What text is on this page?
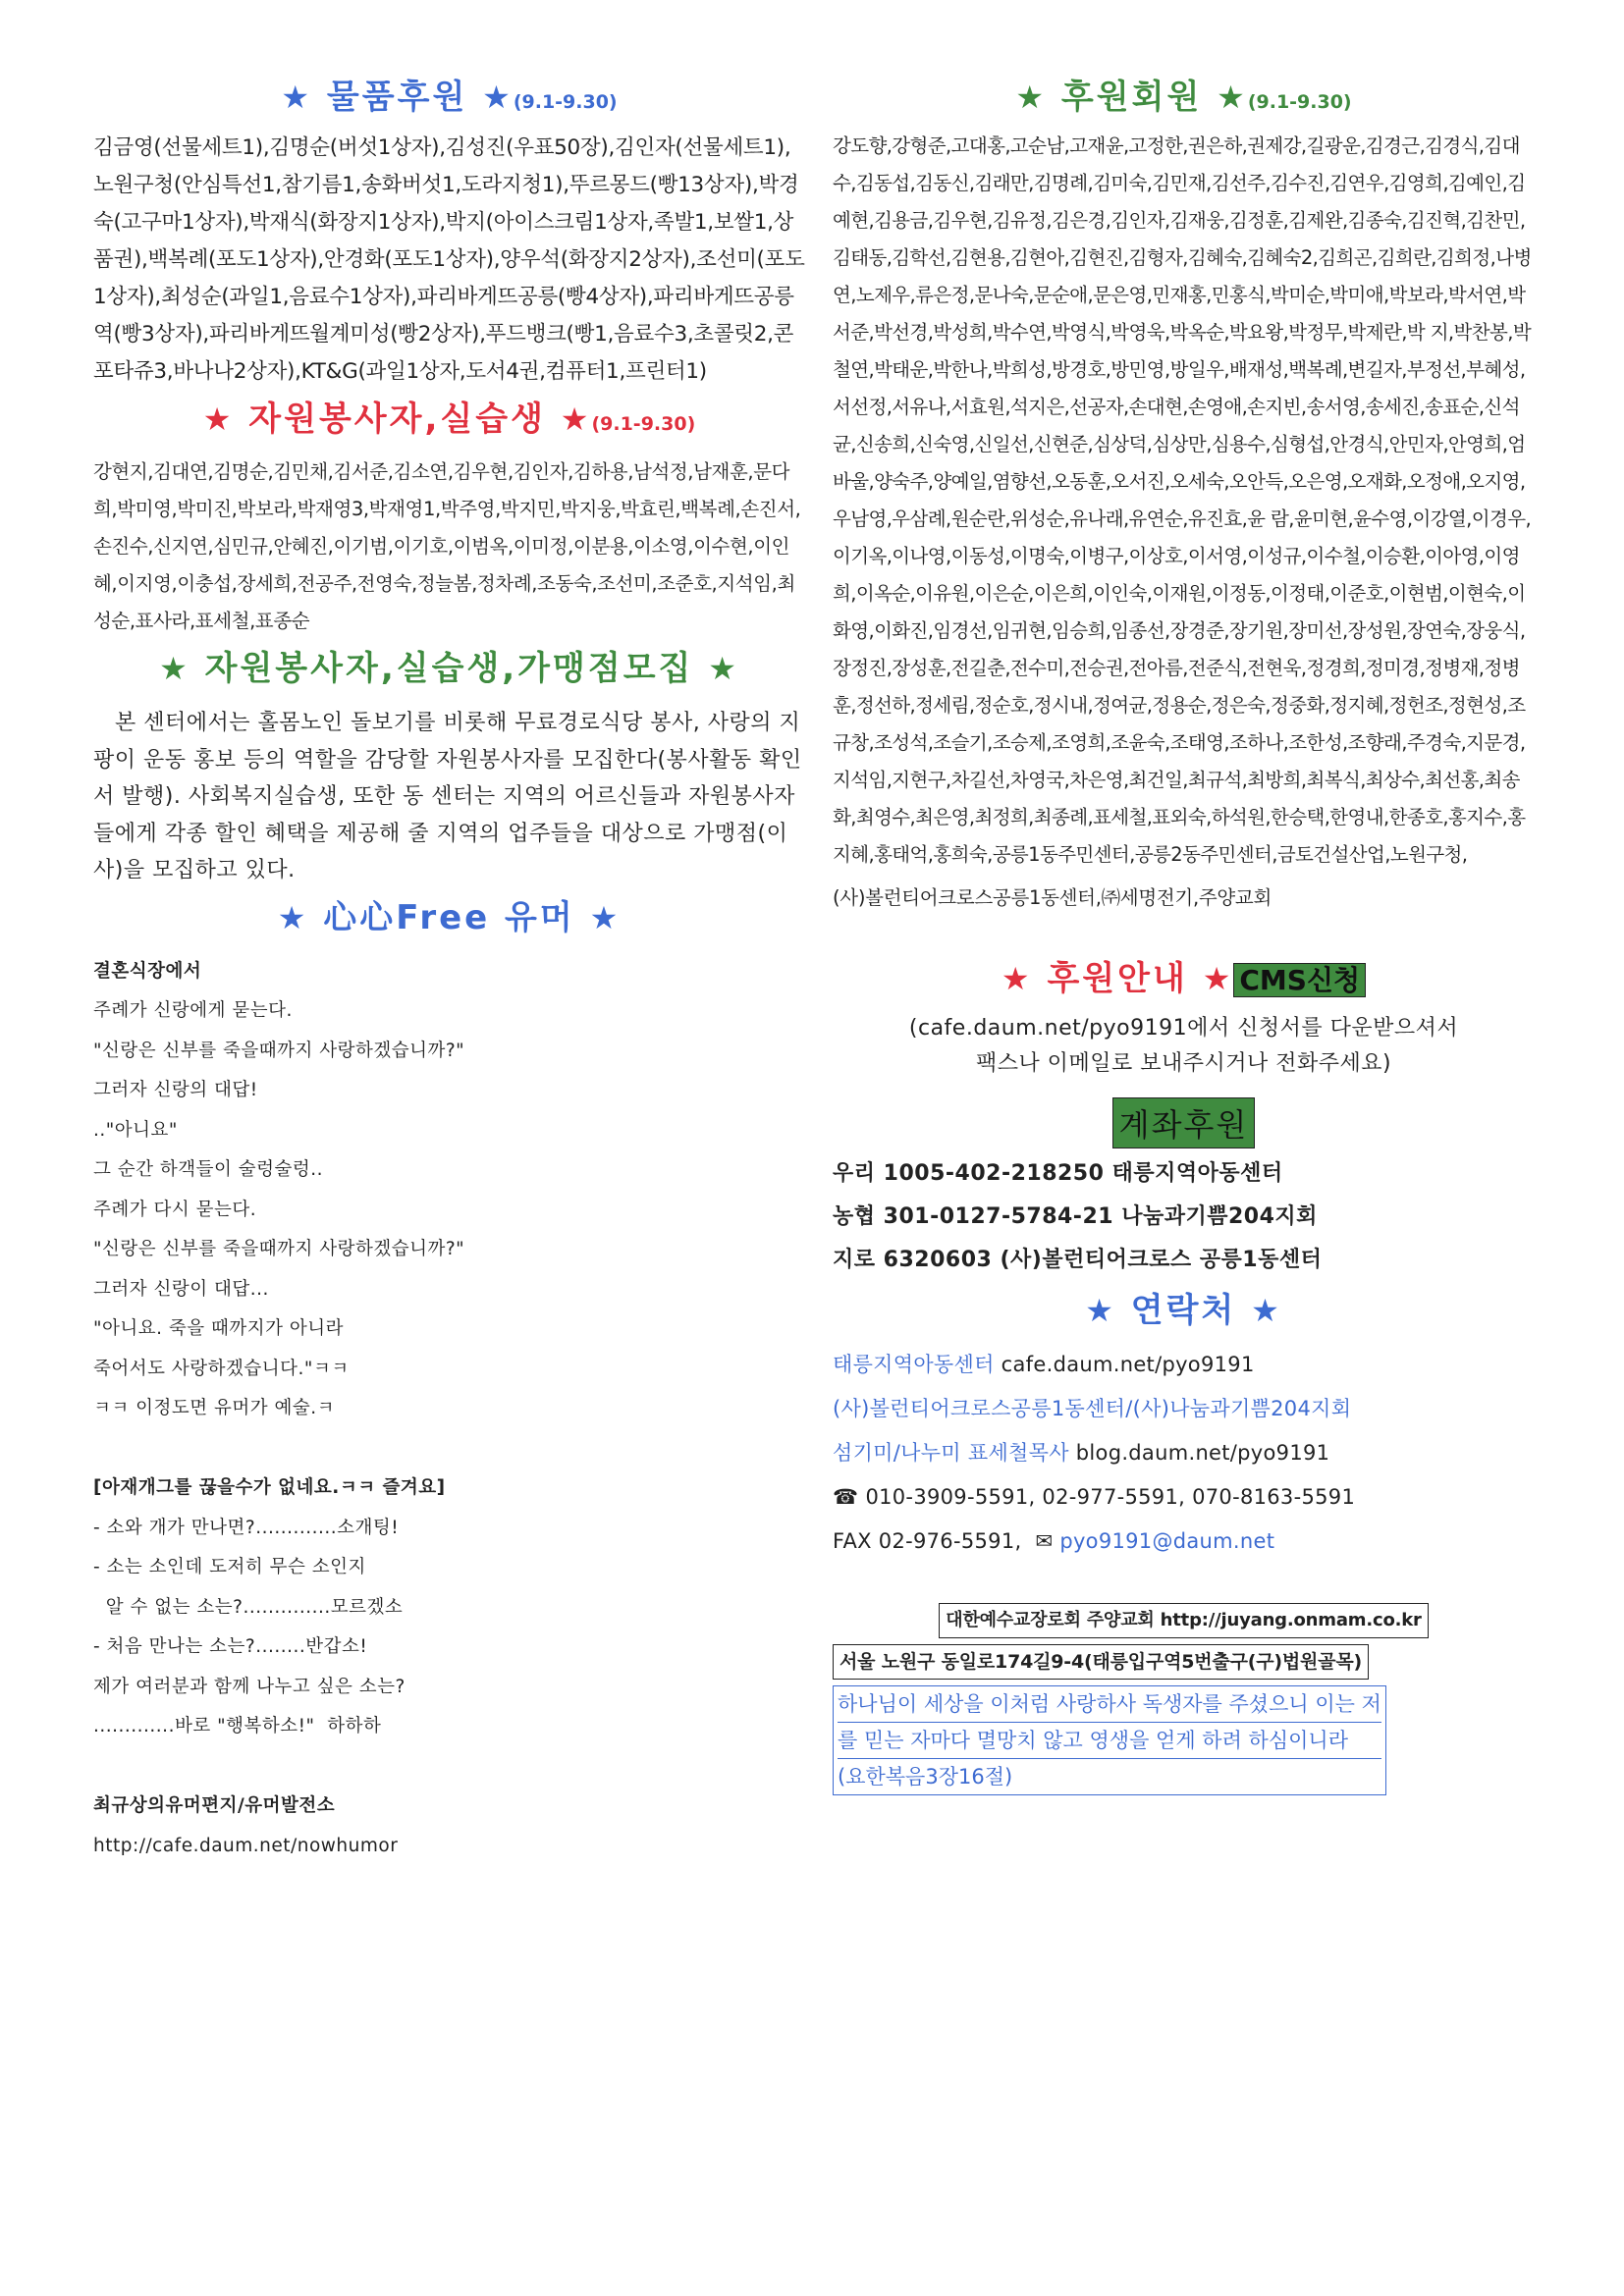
★ 물품후원 ★(9.1-9.30)

김금영(선물세트1),김명순(버섯1상자),김성진(우표50장),김인자(선물세트1),노원구청(안심특선1,참기름1,송화버섯1,도라지청1),뚜르몽드(빵13상자),박경숙(고구마1상자),박재식(화장지1상자),박지(아이스크림1상자,족발1,보쌀1,상품권),백복례(포도1상자),안경화(포도1상자),양우석(화장지2상자),조선미(포도1상자),최성순(과일1,음료수1상자),파리바게뜨공릉(빵4상자),파리바게뜨공릉역(빵3상자),파리바게뜨월계미성(빵2상자),푸드뱅크(빵1,음료수3,초콜릿2,콘포타쥬3,바나나2상자),KT&G(과일1상자,도서4권,컴퓨터1,프린터1)

★ 자원봉사자,실습생 ★(9.1-9.30)

강현지,김대연,김명순,김민채,김서준,김소연,김우현,김인자,김하용,남석정,남재훈,문다희,박미영,박미진,박보라,박재영3,박재영1,박주영,박지민,박지웅,박효린,백복례,손진서,손진수,신지연,심민규,안혜진,이기범,이기호,이범옥,이미정,이분용,이소영,이수현,이인혜,이지영,이충섭,장세희,전공주,전영숙,정늘봄,정차례,조동숙,조선미,조준호,지석임,최성순,표사라,표세철,표종순

★ 자원봉사자,실습생,가맹점모집 ★

본 센터에서는 홀몸노인 돌보기를 비롯해 무료경로식당 봉사, 사랑의 지팡이 운동 홍보 등의 역할을 감당할 자원봉사자를 모집한다(봉사활동 확인서 발행). 사회복지실습생, 또한 동 센터는 지역의 어르신들과 자원봉사자들에게 각종 할인 혜택을 제공해 줄 지역의 업주들을 대상으로 가맹점(이사)을 모집하고 있다.

★ 心心Free 유머 ★
결혼식장에서
주례가 신랑에게 묻는다.
"신랑은 신부를 죽을때까지 사랑하겠습니까?"
그러자 신랑의 대답!
.."아니요"
그 순간 하객들이 술렁술렁..
주례가 다시 묻는다.
"신랑은 신부를 죽을때까지 사랑하겠습니까?"
그러자 신랑이 대답...
"아니요. 죽을 때까지가 아니라
죽어서도 사랑하겠습니다."ㅋㅋ
ㅋㅋ 이정도면 유머가 예술.ㅋ

[아재개그를 끊을수가 없네요.ㅋㅋ 즐겨요]
- 소와 개가 만나면?.............소개팅!
- 소는 소인데 도저히 무슨 소인지
알 수 없는 소는?..............모르겠소
- 처음 만나는 소는?........반갑소!
제가 여러분과 함께 나누고 싶은 소는?
.............바로 "행복하소!"  하하하

최규상의유머편지/유머발전소
http://cafe.daum.net/nowhumor
★ 후원회원 ★(9.1-9.30)

강도향,강형준,고대홍,고순남,고재윤,고정한,권은하,권제강,길광운,김경근,김경식,김대수,김동섭,김동신,김래만,김명례,김미숙,김민재,김선주,김수진,김연우,김영희,김예인,김예현,김용금,김우현,김유정,김은경,김인자,김재웅,김정훈,김제완,김종숙,김진혁,김찬민,김태동,김학선,김현용,김현아,김현진,김형자,김혜숙,김혜숙2,김희곤,김희란,김희정,나병연,노제우,류은정,문나숙,문순애,문은영,민재홍,민홍식,박미순,박미애,박보라,박서연,박서준,박선경,박성희,박수연,박영식,박영욱,박옥순,박요왕,박정무,박제란,박 지,박찬봉,박철연,박태운,박한나,박희성,방경호,방민영,방일우,배재성,백복례,변길자,부정선,부혜성,서선정,서유나,서효원,석지은,선공자,손대현,손영애,손지빈,송서영,송세진,송표순,신석균,신송희,신숙영,신일선,신현준,심상덕,심상만,심용수,심형섭,안경식,안민자,안영희,엄바울,양숙주,양예일,염향선,오동훈,오서진,오세숙,오안득,오은영,오재화,오정애,오지영,우남영,우삼례,원순란,위성순,유나래,유연순,유진효,윤 람,윤미현,윤수영,이강열,이경우,이기옥,이나영,이동성,이명숙,이병구,이상호,이서영,이성규,이수철,이승환,이아영,이영희,이옥순,이유원,이은순,이은희,이인숙,이재원,이정동,이정태,이준호,이현범,이현숙,이화영,이화진,임경선,임귀현,임승희,임종선,장경준,장기원,장미선,장성원,장연숙,장웅식,장정진,장성훈,전길춘,전수미,전승권,전아름,전준식,전현욱,정경희,정미경,정병재,정병훈,정선하,정세림,정순호,정시내,정여균,정용순,정은숙,정중화,정지혜,정헌조,정현성,조규창,조성석,조슬기,조승제,조영희,조윤숙,조태영,조하나,조한성,조향래,주경숙,지문경,지석임,지현구,차길선,차영국,차은영,최건일,최규석,최방희,최복식,최상수,최선홍,최송화,최영수,최은영,최정희,최종례,표세철,표외숙,하석원,한승택,한영내,한종호,홍지수,홍지혜,홍태억,홍희숙,공릉1동주민센터,공릉2동주민센터,금토건설산업,노원구청,

(사)볼런티어크로스공릉1동센터,㈜세명전기,주양교회

★ 후원안내 ★ CMS신청
(cafe.daum.net/pyo9191에서 신청서를 다운받으셔서
팩스나 이메일로 보내주시거나 전화주세요)
계좌후원
우리 1005-402-218250 태릉지역아동센터
농협 301-0127-5784-21 나눔과기쁨204지회
지로 6320603 (사)볼런티어크로스 공릉1동센터
★ 연락처 ★
태릉지역아동센터 cafe.daum.net/pyo9191
(사)볼런티어크로스공릉1동센터/(사)나눔과기쁨204지회
섬기미/나누미 표세철목사 blog.daum.net/pyo9191
☎ 010-3909-5591, 02-977-5591, 070-8163-5591
FAX 02-976-5591, ✉ pyo9191@daum.net
대한예수교장로회 주양교회 http://juyang.onmam.co.kr
서울 노원구 동일로174길9-4(태릉입구역5번출구(구)법원골목)
하나님이 세상을 이처럼 사랑하사 독생자를 주셨으니 이는 저
를 믿는 자마다 멸망치 않고 영생을 얻게 하려 하심이니라
(요한복음3장16절)
